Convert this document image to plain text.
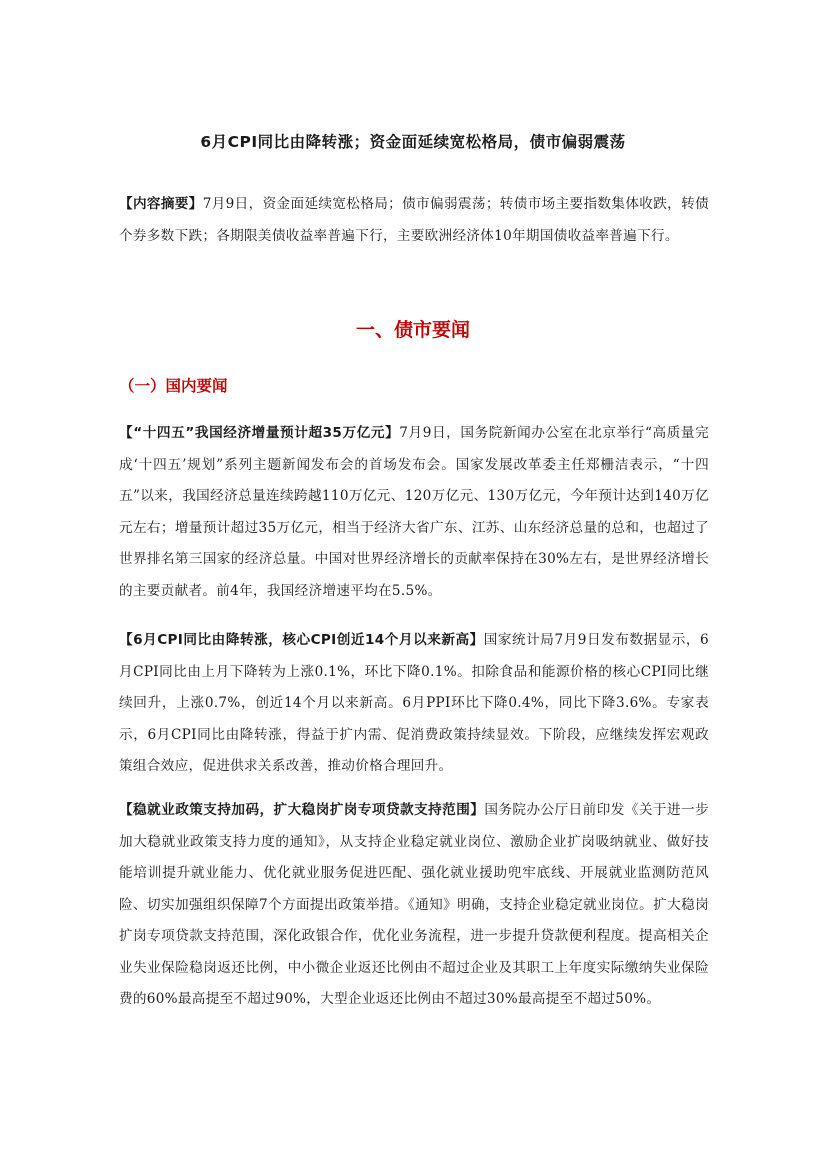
6月CPI同比由降转涨；资金面延续宽松格局，债市偏弱震荡
【内容摘要】7月9日，资金面延续宽松格局；债市偏弱震荡；转债市场主要指数集体收跌，转债个券多数下跌；各期限美债收益率普遍下行，主要欧洲经济体10年期国债收益率普遍下行。
一、债市要闻
（一）国内要闻
【“十四五”我国经济增量预计超35万亿元】7月9日，国务院新闻办公室在北京举行“高质量完成‘十四五’规划”系列主题新闻发布会的首场发布会。国家发展改革委主任郑栅洁表示，“十四五”以来，我国经济总量连续跨越110万亿元、120万亿元、130万亿元，今年预计达到140万亿元左右；增量预计超过35万亿元，相当于经济大省广东、江苏、山东经济总量的总和，也超过了世界排名第三国家的经济总量。中国对世界经济增长的贡献率保持在30%左右，是世界经济增长的主要贡献者。前4年，我国经济增速平均在5.5%。
【6月CPI同比由降转涨，核心CPI创近14个月以来新高】国家统计局7月9日发布数据显示，6月CPI同比由上月下降转为上涨0.1%，环比下降0.1%。扣除食品和能源价格的核心CPI同比继续回升，上涨0.7%，创近14个月以来新高。6月PPI环比下降0.4%，同比下降3.6%。专家表示，6月CPI同比由降转涨，得益于扩内需、促消费政策持续显效。下阶段，应继续发挥宏观政策组合效应，促进供求关系改善，推动价格合理回升。
【稳就业政策支持加码，扩大稳岗扩岗专项贷款支持范围】国务院办公厅日前印发《关于进一步加大稳就业政策支持力度的通知》，从支持企业稳定就业岗位、激励企业扩岗吸纳就业、做好技能培训提升就业能力、优化就业服务促进匹配、强化就业援助兜牢底线、开展就业监测防范风险、切实加强组织保障7个方面提出政策举措。《通知》明确，支持企业稳定就业岗位。扩大稳岗扩岗专项贷款支持范围，深化政银合作，优化业务流程，进一步提升贷款便利程度。提高相关企业失业保险稳岗返还比例，中小微企业返还比例由不超过企业及其职工上年度实际缴纳失业保险费的60%最高提至不超过90%，大型企业返还比例由不超过30%最高提至不超过50%。
